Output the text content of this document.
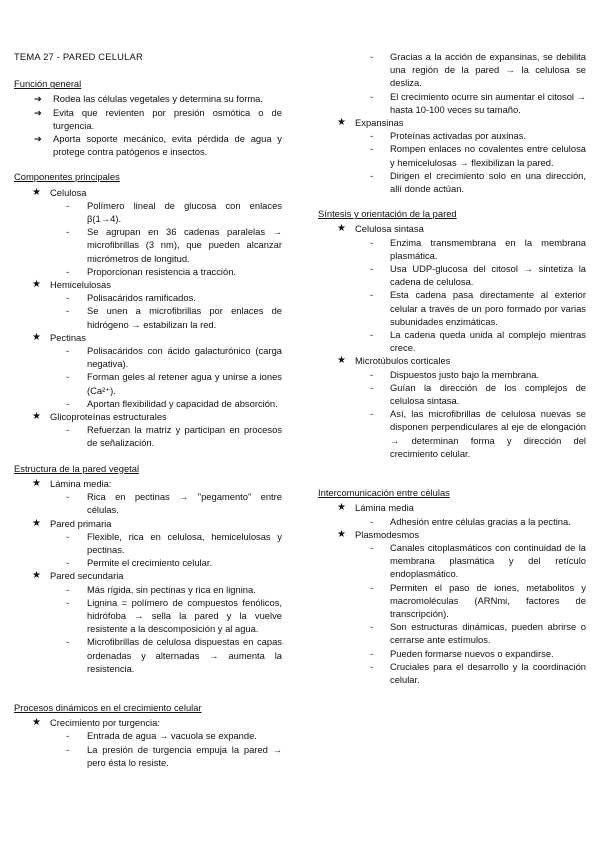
TEMA 27 - PARED CELULAR
Función general
➔ Rodea las células vegetales y determina su forma.
➔ Evita que revienten por presión osmótica o de turgencia.
➔ Aporta soporte mecánico, evita pérdida de agua y protege contra patógenos e insectos.
Componentes principales
★ Celulosa
- Polímero lineal de glucosa con enlaces β(1→4).
- Se agrupan en 36 cadenas paralelas → microfibrillas (3 nm), que pueden alcanzar micrómetros de longitud.
- Proporcionan resistencia a tracción.
★ Hemicelulosas
- Polisacáridos ramificados.
- Se unen a microfibrillas por enlaces de hidrógeno → estabilizan la red.
★ Pectinas
- Polisacáridos con ácido galacturónico (carga negativa).
- Forman geles al retener agua y unirse a iones (Ca²⁺).
- Aportan flexibilidad y capacidad de absorción.
★ Glicoproteínas estructurales
- Refuerzan la matriz y participan en procesos de señalización.
Estructura de la pared vegetal
★ Lámina media:
- Rica en pectinas → "pegamento" entre células.
★ Pared primaria
- Flexible, rica en celulosa, hemicelulosas y pectinas.
- Permite el crecimiento celular.
★ Pared secundaria
- Más rígida, sin pectinas y rica en lignina.
- Lignina = polímero de compuestos fenólicos, hidrófoba → sella la pared y la vuelve resistente a la descomposición y al agua.
- Microfibrillas de celulosa dispuestas en capas ordenadas y alternadas → aumenta la resistencia.
Procesos dinámicos en el crecimiento celular
★ Crecimiento por turgencia:
- Entrada de agua → vacuola se expande.
- La presión de turgencia empuja la pared → pero ésta lo resiste.
- Gracias a la acción de expansinas, se debilita una región de la pared → la celulosa se desliza.
- El crecimiento ocurre sin aumentar el citosol → hasta 10-100 veces su tamaño.
★ Expansinas
- Proteínas activadas por auxinas.
- Rompen enlaces no covalentes entre celulosa y hemicelulosas → flexibilizan la pared.
- Dirigen el crecimiento solo en una dirección, allí donde actúan.
Síntesis y orientación de la pared
★ Celulosa sintasa
- Enzima transmembrana en la membrana plasmática.
- Usa UDP-glucosa del citosol → sintetiza la cadena de celulosa.
- Esta cadena pasa directamente al exterior celular a través de un poro formado por varias subunidades enzimáticas.
- La cadena queda unida al complejo mientras crece.
★ Microtúbulos corticales
- Dispuestos justo bajo la membrana.
- Guían la dirección de los complejos de celulosa sintasa.
- Así, las microfibrillas de celulosa nuevas se disponen perpendiculares al eje de elongación → determinan forma y dirección del crecimiento celular.
Intercomunicación entre células
★ Lámina media
- Adhesión entre células gracias a la pectina.
★ Plasmodesmos
- Canales citoplasmáticos con continuidad de la membrana plasmática y del retículo endoplasmático.
- Permiten el paso de iones, metabolitos y macromoléculas (ARNmi, factores de transcripción).
- Son estructuras dinámicas, pueden abrirse o cerrarse ante estímulos.
- Pueden formarse nuevos o expandirse.
- Cruciales para el desarrollo y la coordinación celular.
